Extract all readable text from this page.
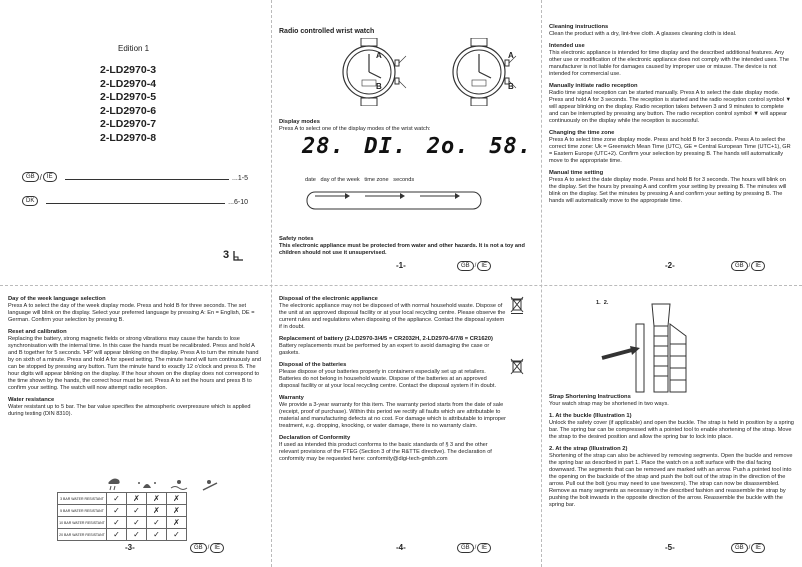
Edition 1
2-LD2970-3
2-LD2970-4
2-LD2970-5
2-LD2970-6
2-LD2970-7
2-LD2970-8
GB / IE	...1-5
DK	...6-10
3
Radio controlled wrist watch
A
B
A
B
Display modes

Press A to select one of the display modes of the wrist watch:

28. DI. 2o. 58.
date   day of the week   time zone   seconds
Safety notes

This electronic appliance must be protected from water and other hazards. It is not a toy and children should not use it unsupervised.

-1-	GB / IE
Cleaning instructions

Clean the product with a dry, lint-free cloth. A glasses cleaning cloth is ideal.

Intended use

This electronic appliance is intended for time display and the described additional features. Any other use or modification of the electronic appliance does not comply with the intended uses. The manufacturer is not liable for damages caused by improper use or misuse. The device is not intended for commercial use.

Manually initiate radio reception

Radio time signal reception can be started manually. Press A to select the date display mode. Press and hold A for 3 seconds. The reception is started and the radio reception control symbol ▼ will appear blinking on the display. Radio reception takes between 3 and 9 minutes to complete and can be interrupted by pressing any button. The radio reception control symbol ▼ will appear continuously on the display while the reception is successful.

Changing the time zone

Press A to select time zone display mode. Press and hold B for 3 seconds. Press A to select the correct time zone: Uk = Greenwich Mean Time (UTC), GE = Central European Time (UTC+1), GR = Eastern Europe (UTC+2). Confirm your selection by pressing B. The hands will automatically move to the appropriate time.

Manual time setting

Press A to select the date display mode. Press and hold B for 3 seconds. The hours will blink on the display. Set the hours by pressing A and confirm your setting by pressing B. The minutes will blink on the display. Set the minutes by pressing A and confirm your setting by pressing B. The hands will automatically move to the appropriate time.

-2-	GB / IE
Day of the week language selection

Press A to select the day of the week display mode. Press and hold B for three seconds. The set language will blink on the display. Select your preferred language by pressing A: En = English, DE = German. Confirm your selection by pressing B.

Reset and calibration

Replacing the battery, strong magnetic fields or strong vibrations may cause the hands to lose synchronisation with the internal time. In this case the hands must be recalibrated. Press and hold A and B together for 5 seconds. 'HP' will appear blinking on the display. Press A to turn the minute hand by on sixth of a minute. Press and hold A for speed setting. The minute hand will turn continuously and can be stopped by pressing any button. Turn the minute hand to exactly 12 o'clock and press B. The hour digits will appear blinking on the display. If the hour shown on the display does not correspond to the time shown by the hands, the correct hour must be set. Press A to set the hours and press B to confirm your setting. The watch will now attempt radio reception.

Water resistance

Water resistant up to 5 bar. The bar value specifies the atmospheric overpressure which is applied during testing (DIN 8310).

3 BAR WATER RESISTANT	✓	✗	✗	✗
5 BAR WATER RESISTANT	✓	✓	✗	✗
10 BAR WATER RESISTANT	✓	✓	✓	✗
20 BAR WATER RESISTANT	✓	✓	✓	✓
-3-	GB / IE
Disposal of the electronic appliance

The electronic appliance may not be disposed of with normal household waste. Dispose of the unit at an approved disposal facility or at your local recycling centre. Please observe the current rules and regulations when disposing of the appliance. Contact the disposal system if in doubt.

Replacement of battery (2-LD2970-3/4/5 = CR2032H, 2-LD2970-6/7/8 = CR1620)

Battery replacements must be performed by an expert to avoid damaging the case or gaskets.

Disposal of the batteries

Please dispose of your batteries properly in containers especially set up at retailers. Batteries do not belong in household waste. Dispose of the batteries at an approved disposal facility or at your local recycling centre. Contact the disposal system if in doubt.

Warranty

We provide a 3-year warranty for this item. The warranty period starts from the date of sale (receipt, proof of purchase). Within this period we rectify all faults which are attributable to material and manufacturing defects at no cost. For damage which is attributable to improper treatment, e.g. dropping, knocking, or water damage, there is no warranty claim.

Declaration of Conformity

If used as intended this product conforms to the basic standards of § 3 and the other relevant provisions of the FTEG (Section 3 of the R&TTE directive). The declaration of conformity may be requested here: conformity@digi-tech-gmbh.com

-4-	GB / IE
1.  2.
Strap Shortening Instructions

Your watch strap may be shortened in two ways.

1. At the buckle (Illustration 1)

Unlock the safety cover (if applicable) and open the buckle. The strap is held in position by a spring bar. The spring bar can be compressed with a pointed tool to enable shortening of the strap. Move the strap to the desired position and allow the spring bar to lock into place.

2. At the strap (Illustration 2)

Shortening of the strap can also be achieved by removing segments. Open the buckle and remove the spring bar as described in part 1. Place the watch on a soft surface with the dial facing downward. The segments that can be removed are marked with an arrow. Push a pointed tool into the opening on the backside of the strap and push the bolt out of the strap in the direction of the arrow. Pull out the bolt (you may need to use tweezers). The strap can now be disassembled. Remove as many segments as necessary in the described fashion and reassemble the strap by pushing the bolt inwards in the opposite direction of the arrow. Reassemble the buckle with the spring bar.

-5-	GB / IE
